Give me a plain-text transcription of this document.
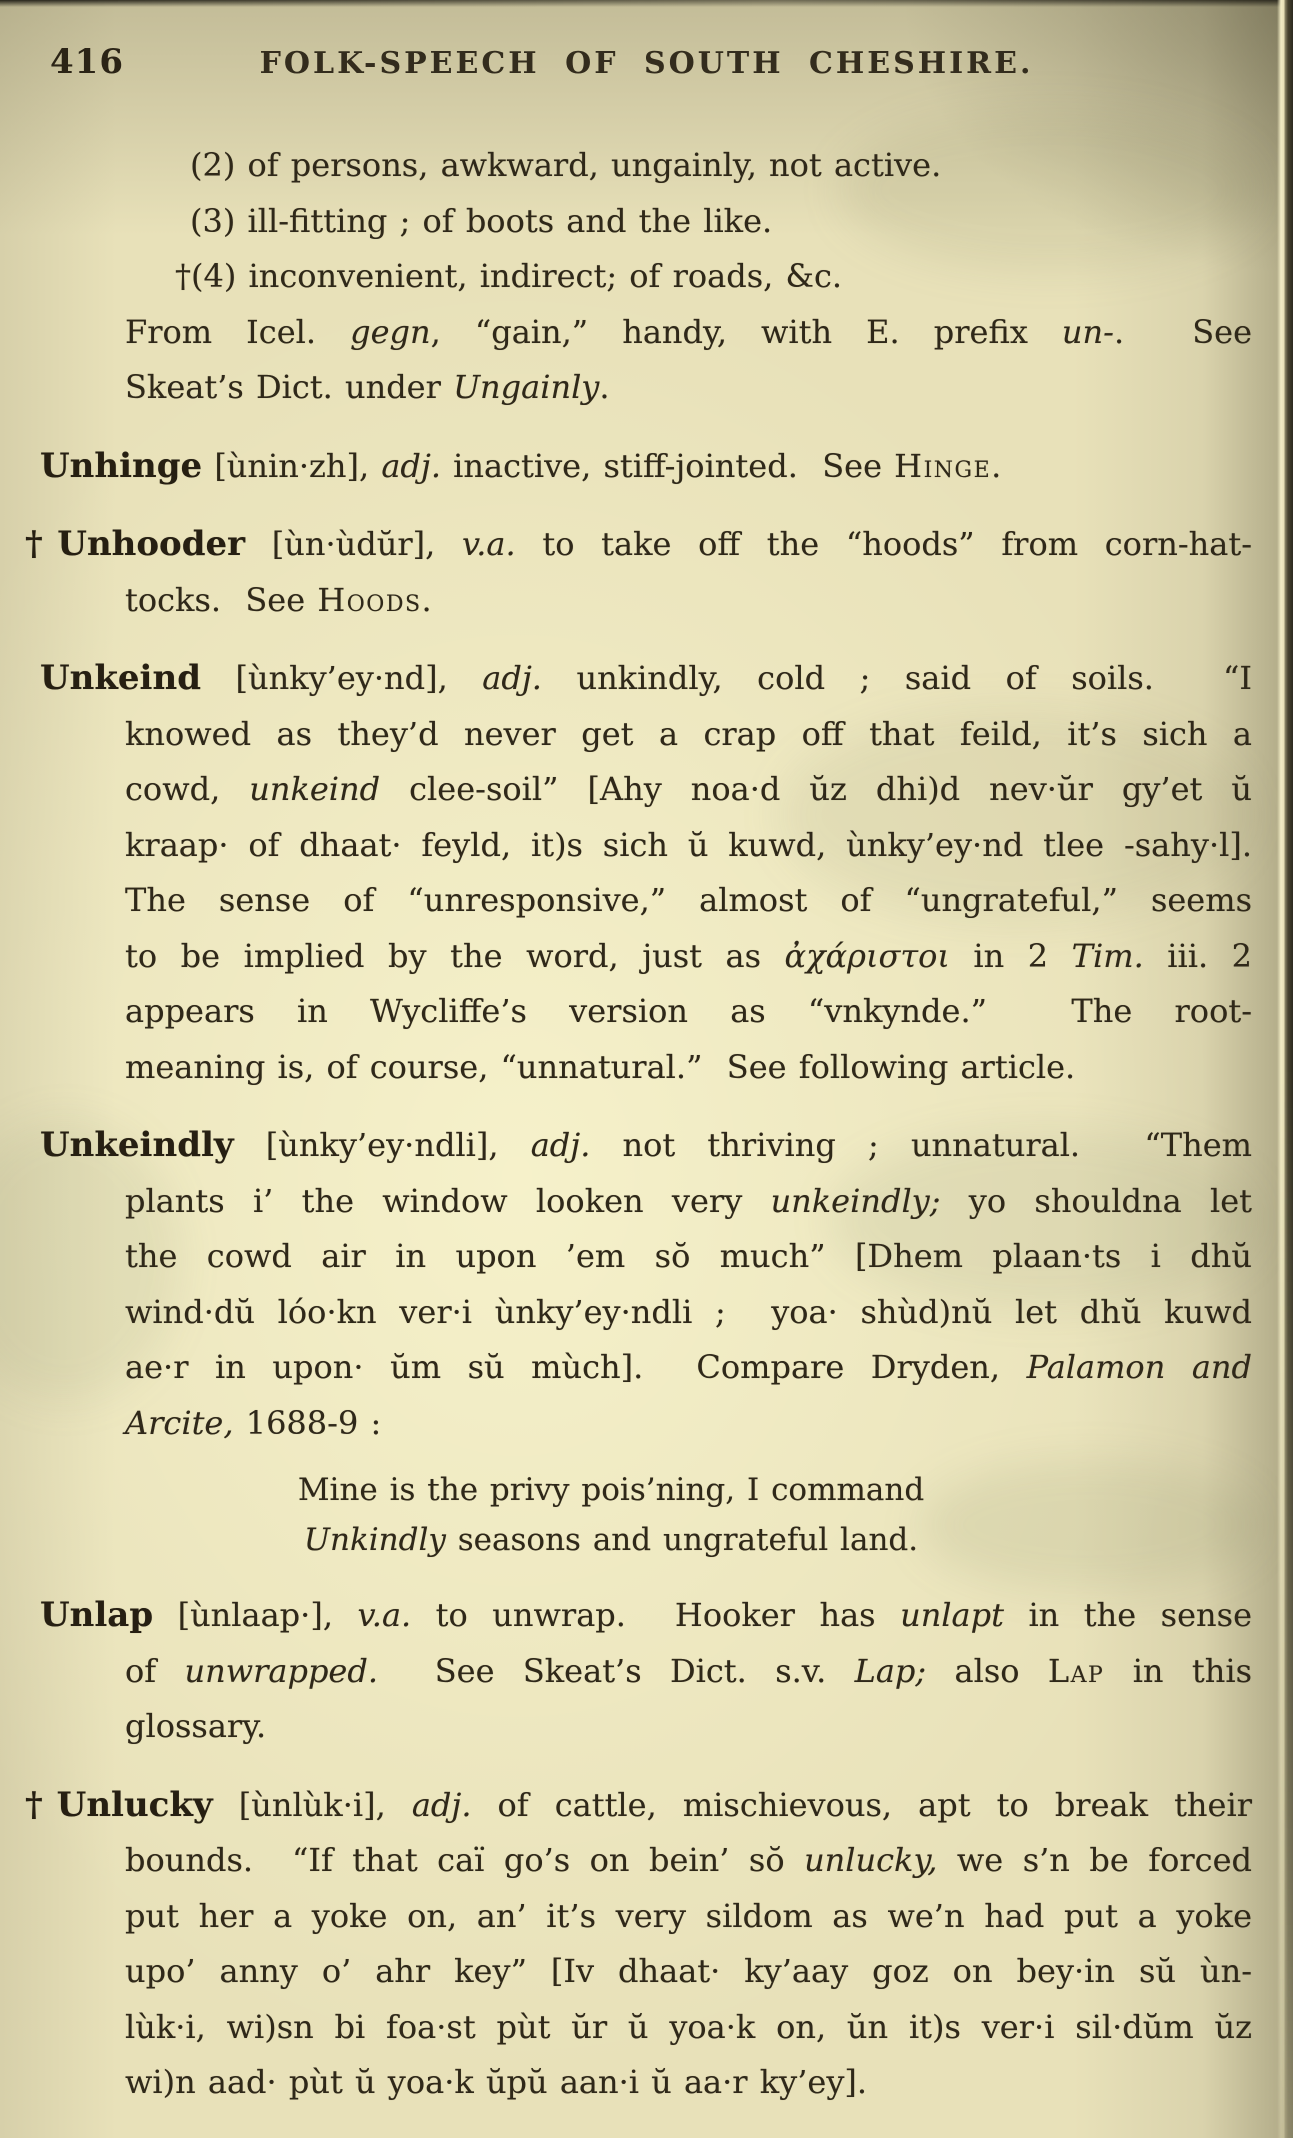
416	FOLK-SPEECH OF SOUTH CHESHIRE.
(2) of persons, awkward, ungainly, not active.
(3) ill-fitting ; of boots and the like.
†(4) inconvenient, indirect; of roads, &c.
From Icel. gegn, “gain,” handy, with E. prefix un-.  See
Skeat’s Dict. under Ungainly.
Unhinge [ùnin·zh], adj. inactive, stiff-jointed.  See Hinge.
†Unhooder [ùn·ùdŭr], v.a. to take off the “hoods” from corn-hat-
tocks.  See Hoods.
Unkeind [ùnky’ey·nd], adj. unkindly, cold ; said of soils.  “I
knowed as they’d never get a crap off that feild, it’s sich a
cowd, unkeind clee-soil” [Ahy noa·d ŭz dhi)d nev·ŭr gy’et ŭ
kraap· of dhaat· feyld, it)s sich ŭ kuwd, ùnky’ey·nd tlee -sahy·l].
The sense of “unresponsive,” almost of “ungrateful,” seems
to be implied by the word, just as ἀχάριστοι in 2 Tim. iii. 2
appears in Wycliffe’s version as “vnkynde.”  The root-
meaning is, of course, “unnatural.”  See following article.
Unkeindly [ùnky’ey·ndli], adj. not thriving ; unnatural.  “Them
plants i’ the window looken very unkeindly; yo shouldna let
the cowd air in upon ’em sŏ much” [Dhem plaan·ts i dhŭ
wind·dŭ lóo·kn ver·i ùnky’ey·ndli ;  yoa· shùd)nŭ let dhŭ kuwd
ae·r in upon· ŭm sŭ mùch].  Compare Dryden, Palamon and
Arcite, 1688-9 :
Mine is the privy pois’ning, I command
Unkindly seasons and ungrateful land.
Unlap [ùnlaap·], v.a. to unwrap.  Hooker has unlapt in the sense
of unwrapped.  See Skeat’s Dict. s.v. Lap; also Lap in this
glossary.
†Unlucky [ùnlùk·i], adj. of cattle, mischievous, apt to break their
bounds.  “If that caï go’s on bein’ sŏ unlucky, we s’n be forced
put her a yoke on, an’ it’s very sildom as we’n had put a yoke
upo’ anny o’ ahr key” [Iv dhaat· ky’aay goz on bey·in sŭ ùn-
lùk·i, wi)sn bi foa·st pùt ŭr ŭ yoa·k on, ŭn it)s ver·i sil·dŭm ŭz
wi)n aad· pùt ŭ yoa·k ŭpŭ aan·i ŭ aa·r ky’ey].
